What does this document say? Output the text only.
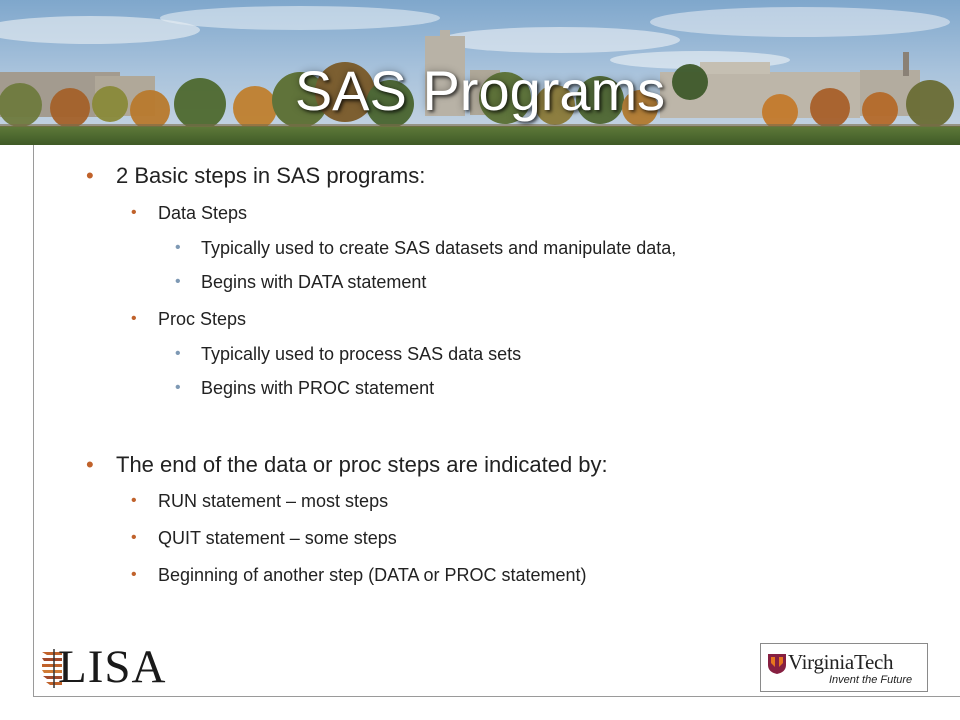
SAS Programs
• 2 Basic steps in SAS programs:
• Data Steps
• Typically used to create SAS datasets and manipulate data,
• Begins with DATA statement
• Proc Steps
• Typically used to process SAS data sets
• Begins with PROC statement
• The end of the data or proc steps are indicated by:
• RUN statement – most steps
• QUIT statement – some steps
• Beginning of another step (DATA or PROC statement)
LISA	VirginiaTech
Invent the Future
